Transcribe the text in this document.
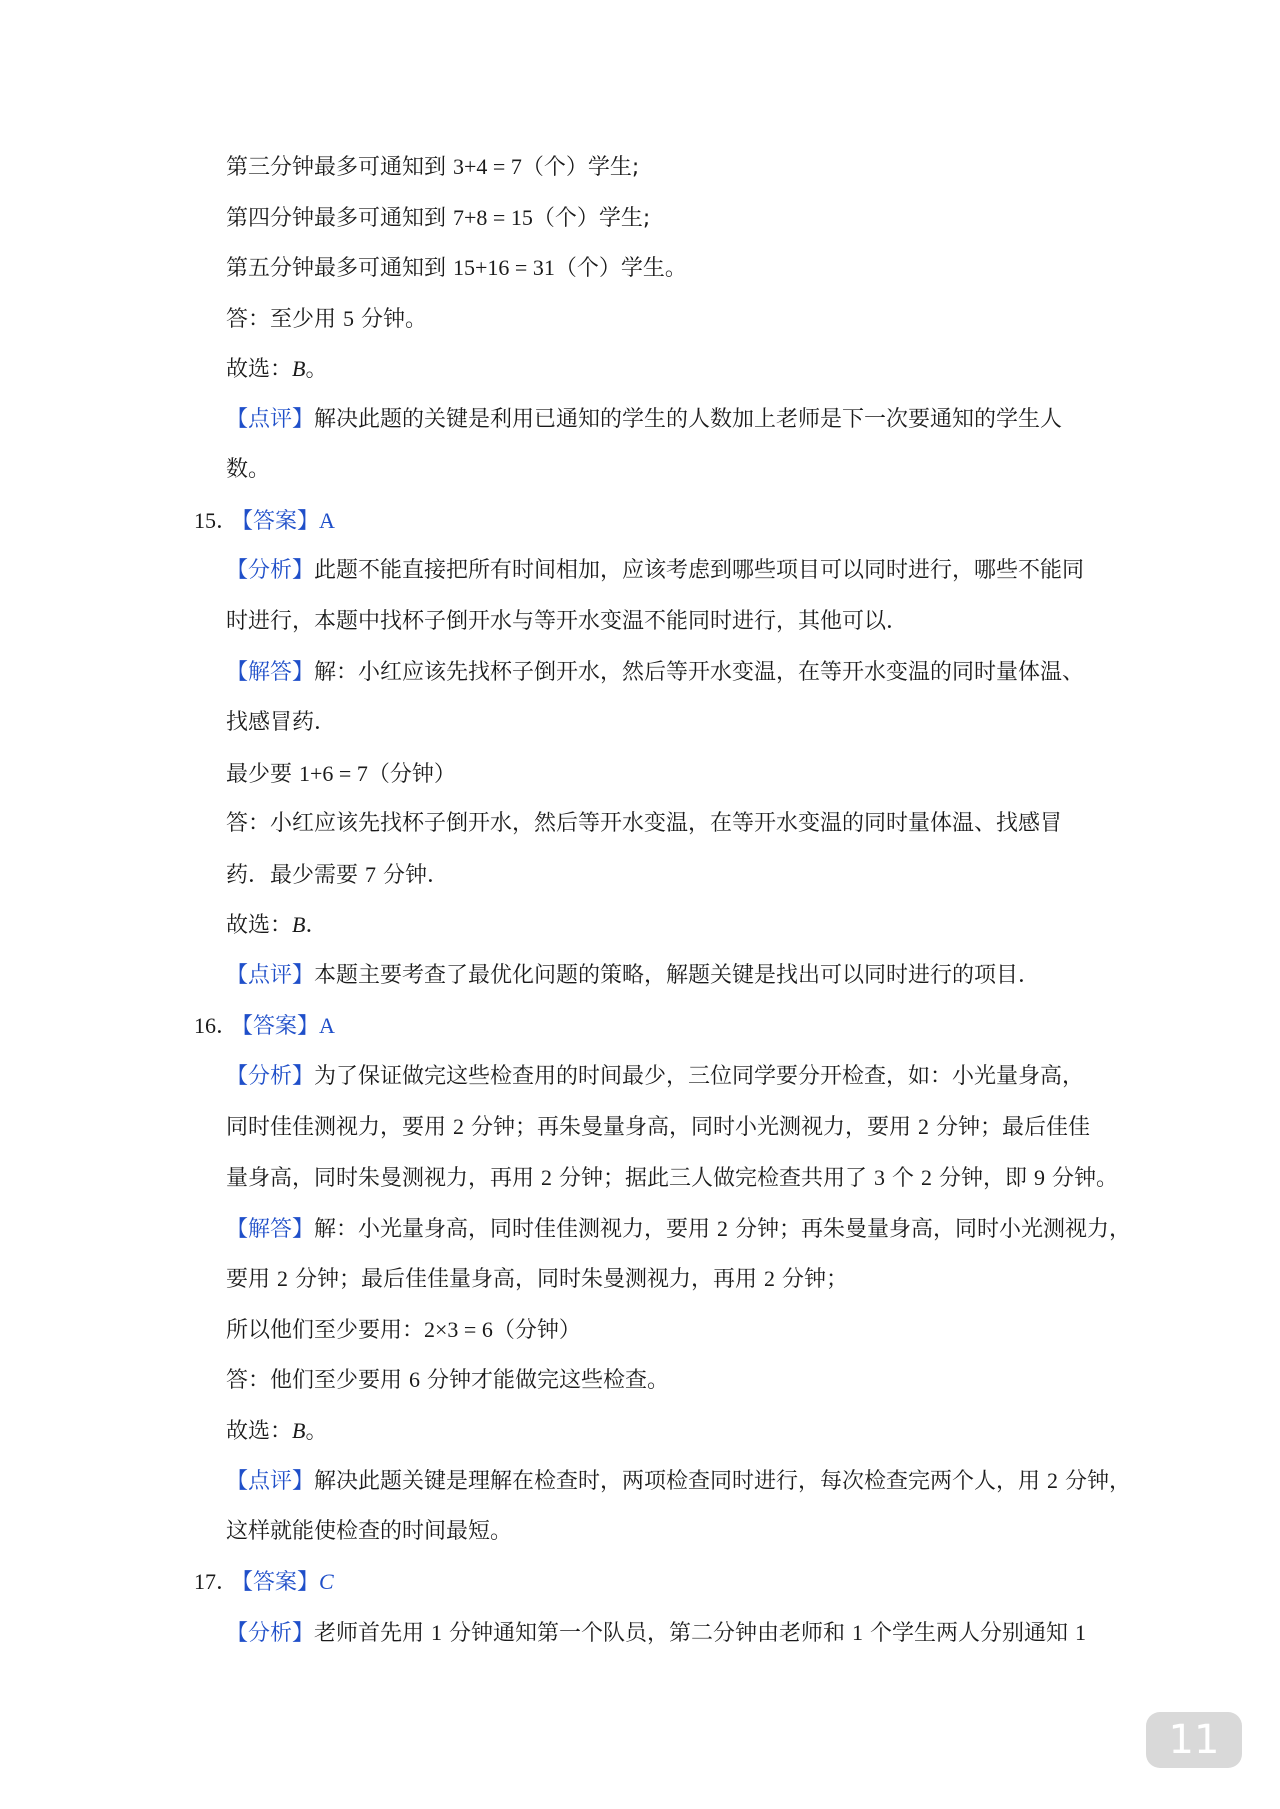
第三分钟最多可通知到 3+4 = 7（个）学生;
第四分钟最多可通知到 7+8 = 15（个）学生;
第五分钟最多可通知到 15+16 = 31（个）学生。
答：至少用 5 分钟。
故选：B。
【点评】解决此题的关键是利用已通知的学生的人数加上老师是下一次要通知的学生人
数。
15． 【答案】A
【分析】此题不能直接把所有时间相加，应该考虑到哪些项目可以同时进行，哪些不能同
时进行，本题中找杯子倒开水与等开水变温不能同时进行，其他可以．
【解答】解：小红应该先找杯子倒开水，然后等开水变温，在等开水变温的同时量体温、
找感冒药．
最少要 1+6 = 7（分钟）
答：小红应该先找杯子倒开水，然后等开水变温，在等开水变温的同时量体温、找感冒
药．最少需要 7 分钟．
故选：B．
【点评】本题主要考查了最优化问题的策略，解题关键是找出可以同时进行的项目．
16． 【答案】A
【分析】为了保证做完这些检查用的时间最少，三位同学要分开检查，如：小光量身高，
同时佳佳测视力，要用 2 分钟；再朱曼量身高，同时小光测视力，要用 2 分钟；最后佳佳
量身高，同时朱曼测视力，再用 2 分钟；据此三人做完检查共用了 3 个 2 分钟，即 9 分钟。
【解答】解：小光量身高，同时佳佳测视力，要用 2 分钟；再朱曼量身高，同时小光测视力，
要用 2 分钟；最后佳佳量身高，同时朱曼测视力，再用 2 分钟；
所以他们至少要用：2×3 = 6（分钟）
答：他们至少要用 6 分钟才能做完这些检查。
故选：B。
【点评】解决此题关键是理解在检查时，两项检查同时进行，每次检查完两个人，用 2 分钟，
这样就能使检查的时间最短。
17． 【答案】C
【分析】老师首先用 1 分钟通知第一个队员，第二分钟由老师和 1 个学生两人分别通知 1
11
